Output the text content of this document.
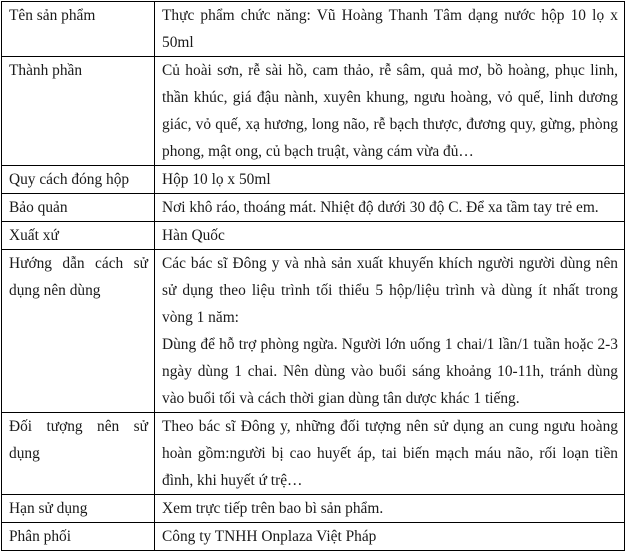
Tên sản phẩm	Thực phẩm chức năng: Vũ Hoàng Thanh Tâm dạng nước hộp 10 lọ x 50ml

Thành phần	Củ hoài sơn, rễ sài hồ, cam thảo, rễ sâm, quả mơ, bồ hoàng, phục linh, thần khúc, giá đậu nành, xuyên khung, ngưu hoàng, vỏ quế, linh dương giác, vỏ quế, xạ hương, long não, rễ bạch thược, đương quy, gừng, phòng phong, mật ong, củ bạch truật, vàng cám vừa đủ…

Quy cách đóng hộp	Hộp 10 lọ x 50ml

Bảo quản	Nơi khô ráo, thoáng mát. Nhiệt độ dưới 30 độ C. Để xa tầm tay trẻ em.

Xuất xứ	Hàn Quốc

Hướng dẫn cách sử dụng nên dùng	Các bác sĩ Đông y và nhà sản xuất khuyến khích người người dùng nên sử dụng theo liệu trình tối thiểu 5 hộp/liệu trình và dùng ít nhất trong vòng 1 năm:
Dùng để hỗ trợ phòng ngừa. Người lớn uống 1 chai/1 lần/1 tuần hoặc 2-3 ngày dùng 1 chai. Nên dùng vào buổi sáng khoảng 10-11h, tránh dùng vào buổi tối và cách thời gian dùng tân dược khác 1 tiếng.

Đối tượng nên sử dụng	Theo bác sĩ Đông y, những đối tượng nên sử dụng an cung ngưu hoàng hoàn gồm:người bị cao huyết áp, tai biến mạch máu não, rối loạn tiền đình, khi huyết ứ trệ…

Hạn sử dụng	Xem trực tiếp trên bao bì sản phẩm.

Phân phối	Công ty TNHH Onplaza Việt Pháp
